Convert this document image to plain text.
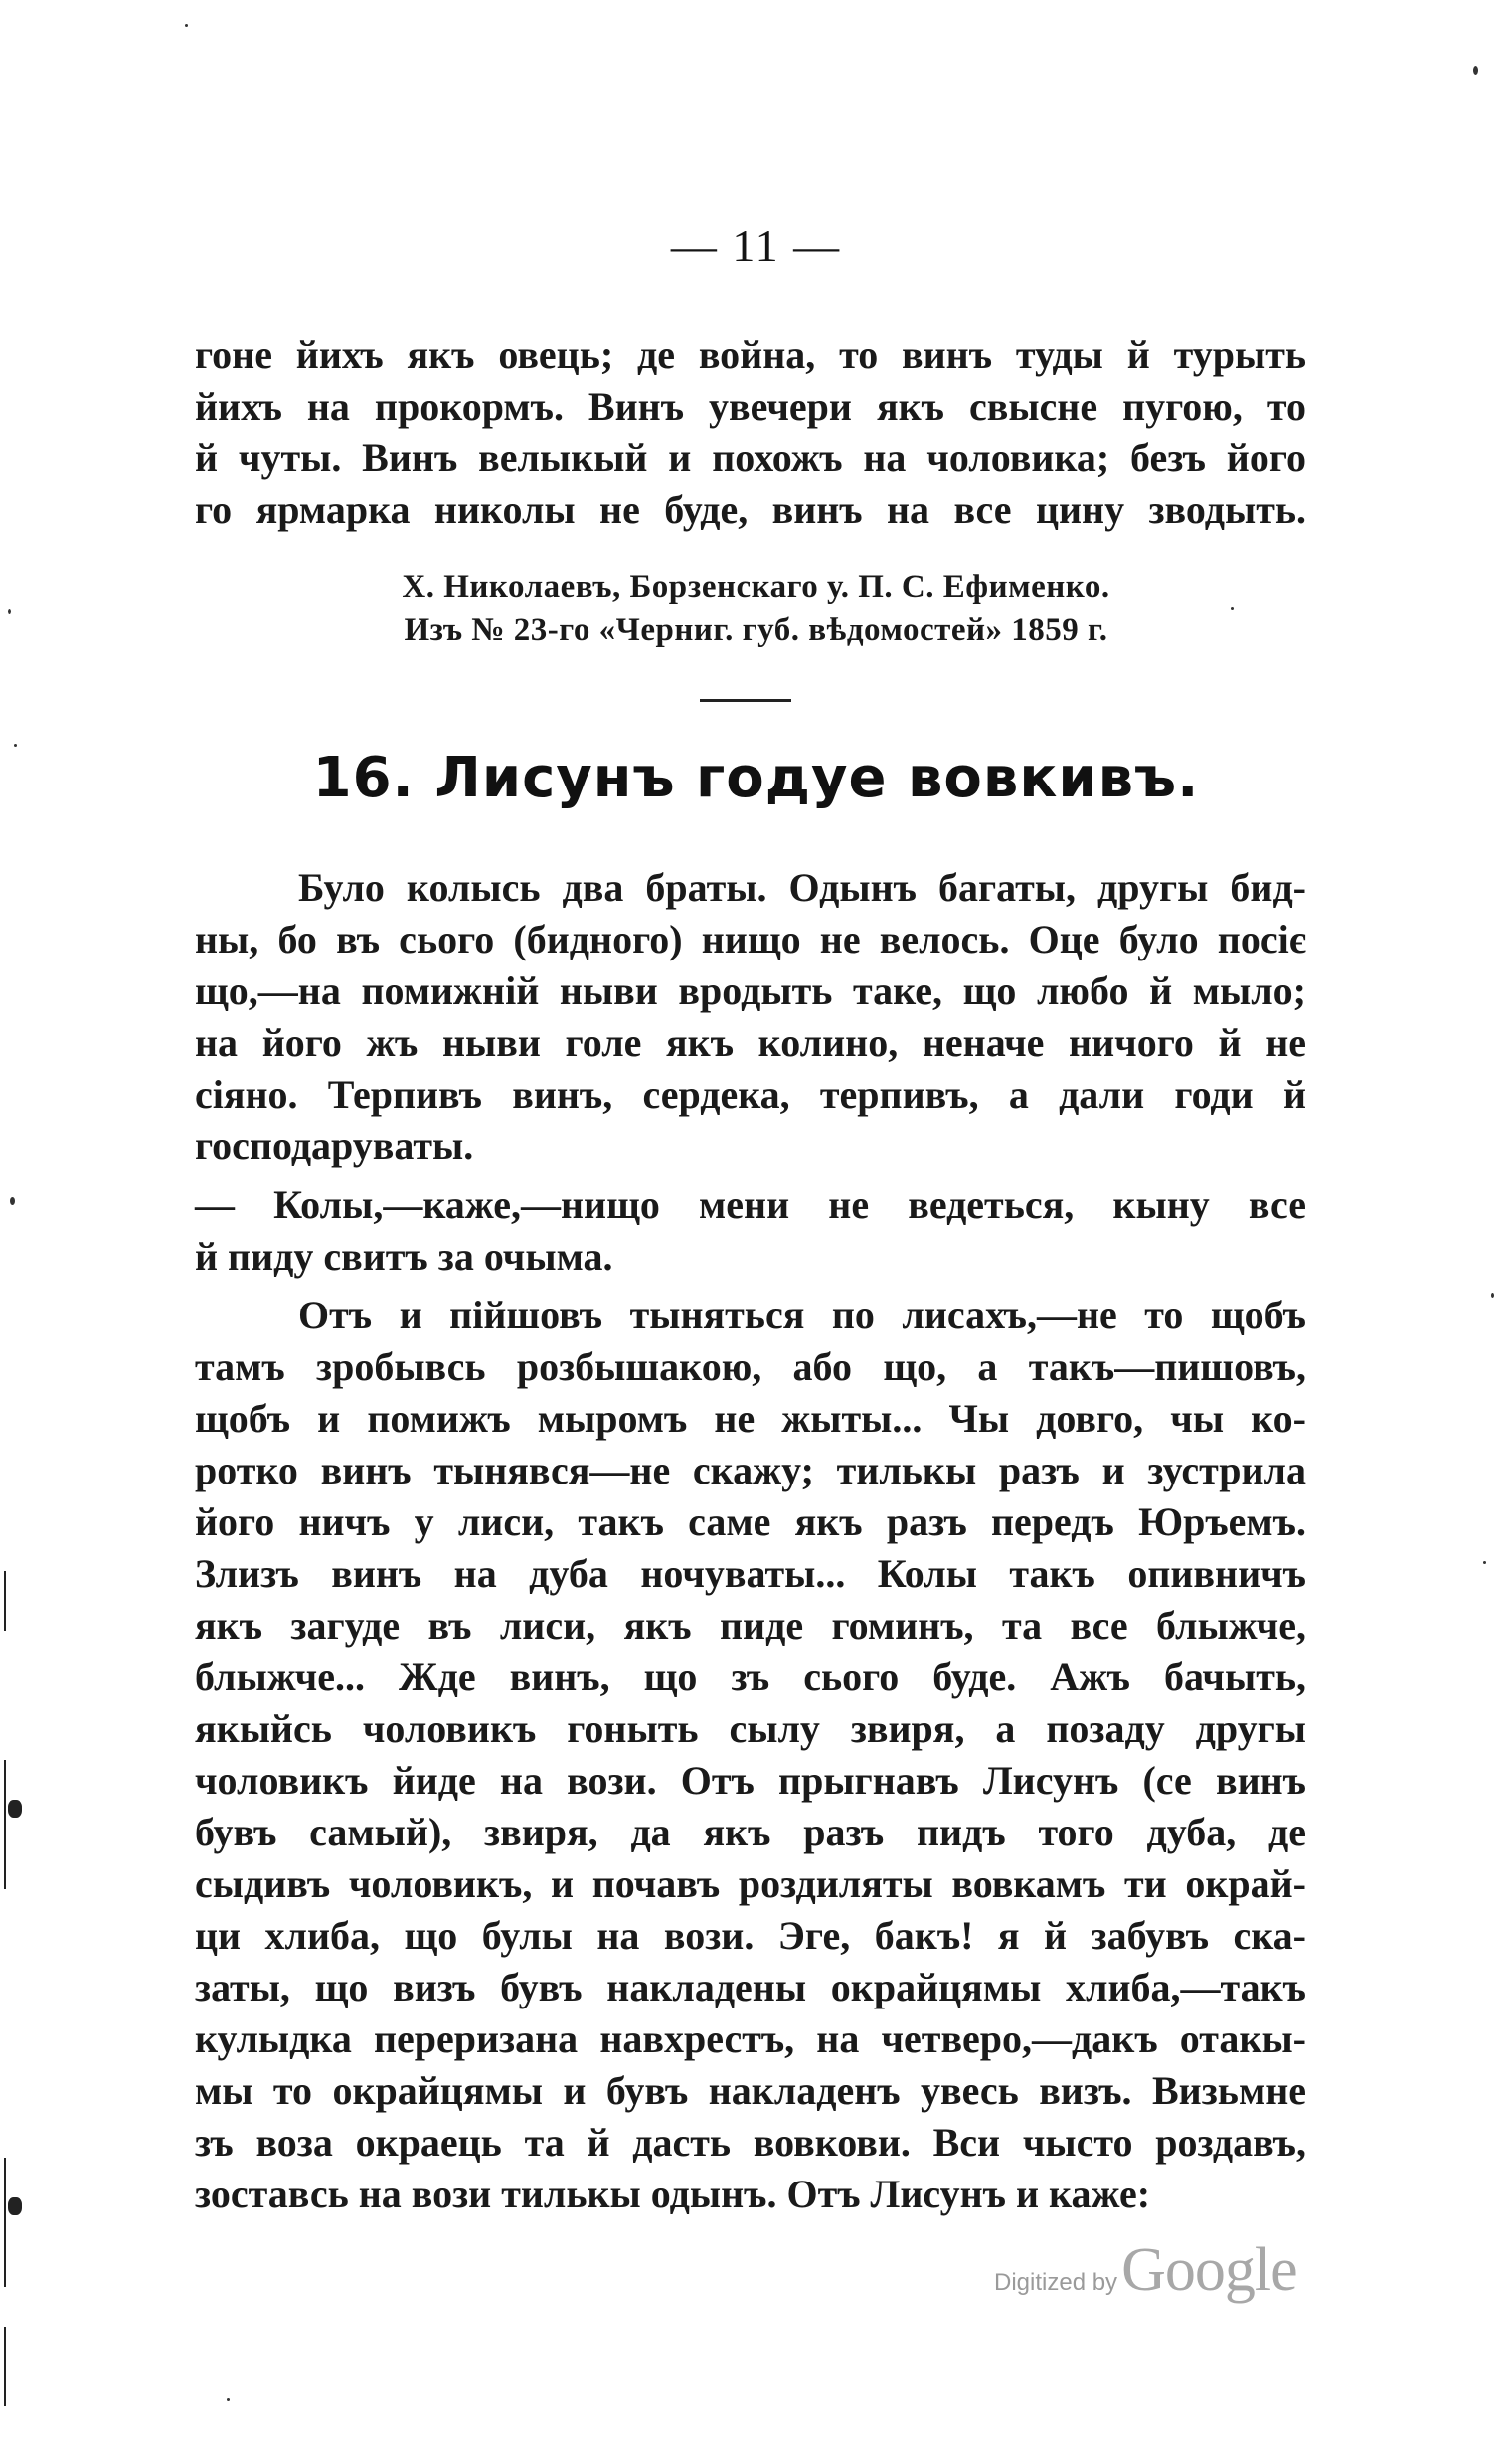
— 11 —
гоне йихъ якъ овець; де война, то винъ туды й турыть
йихъ на прокормъ. Винъ увечери якъ свысне пугою, то
й чуты. Винъ велыкый и похожъ на чоловика; безъ його
го ярмарка николы не буде, винъ на все цину зводыть.
Х. Николаевъ, Борзенскаго у. П. С. Ефименко.
Изъ № 23-го «Черниг. губ. вѣдомостей» 1859 г.
16. Лисунъ годуе вовкивъ.
Було колысь два браты. Одынъ багаты, другы бид-
ны, бо въ сього (бидного) нищо не велось. Оце було посіє
що,—на помижній ныви вродыть таке, що любо й мыло;
на його жъ ныви голе якъ колино, неначе ничого й не
сіяно. Терпивъ винъ, сердека, терпивъ, а дали годи й
господаруваты.
— Колы,—каже,—нищо мени не ведеться, кыну все
й пиду свитъ за очыма.
Отъ и пійшовъ тыняться по лисахъ,—не то щобъ
тамъ зробывсь розбышакою, або що, а такъ—пишовъ,
щобъ и помижъ мыромъ не жыты... Чы довго, чы ко-
ротко винъ тынявся—не скажу; тилькы разъ и зустрила
його ничъ у лиси, такъ саме якъ разъ передъ Юръемъ.
Злизъ винъ на дуба ночуваты... Колы такъ опивничъ
якъ загуде въ лиси, якъ пиде гоминъ, та все блыжче,
блыжче... Жде винъ, що зъ сього буде. Ажъ бачыть,
якыйсь чоловикъ гоныть сылу звиря, а позаду другы
чоловикъ йиде на вози. Отъ прыгнавъ Лисунъ (се винъ
бувъ самый), звиря, да якъ разъ пидъ того дуба, де
сыдивъ чоловикъ, и почавъ роздиляты вовкамъ ти окрай-
ци хлиба, що булы на вози. Эге, бакъ! я й забувъ ска-
заты, що визъ бувъ накладены окрайцямы хлиба,—такъ
кулыдка переризана навхрестъ, на четверо,—дакъ отакы-
мы то окрайцямы и бувъ накладенъ увесь визъ. Визьмне
зъ воза окраець та й дасть вовкови. Вси чысто роздавъ,
зоставсь на вози тилькы одынъ. Отъ Лисунъ и каже:
Digitized by Google
